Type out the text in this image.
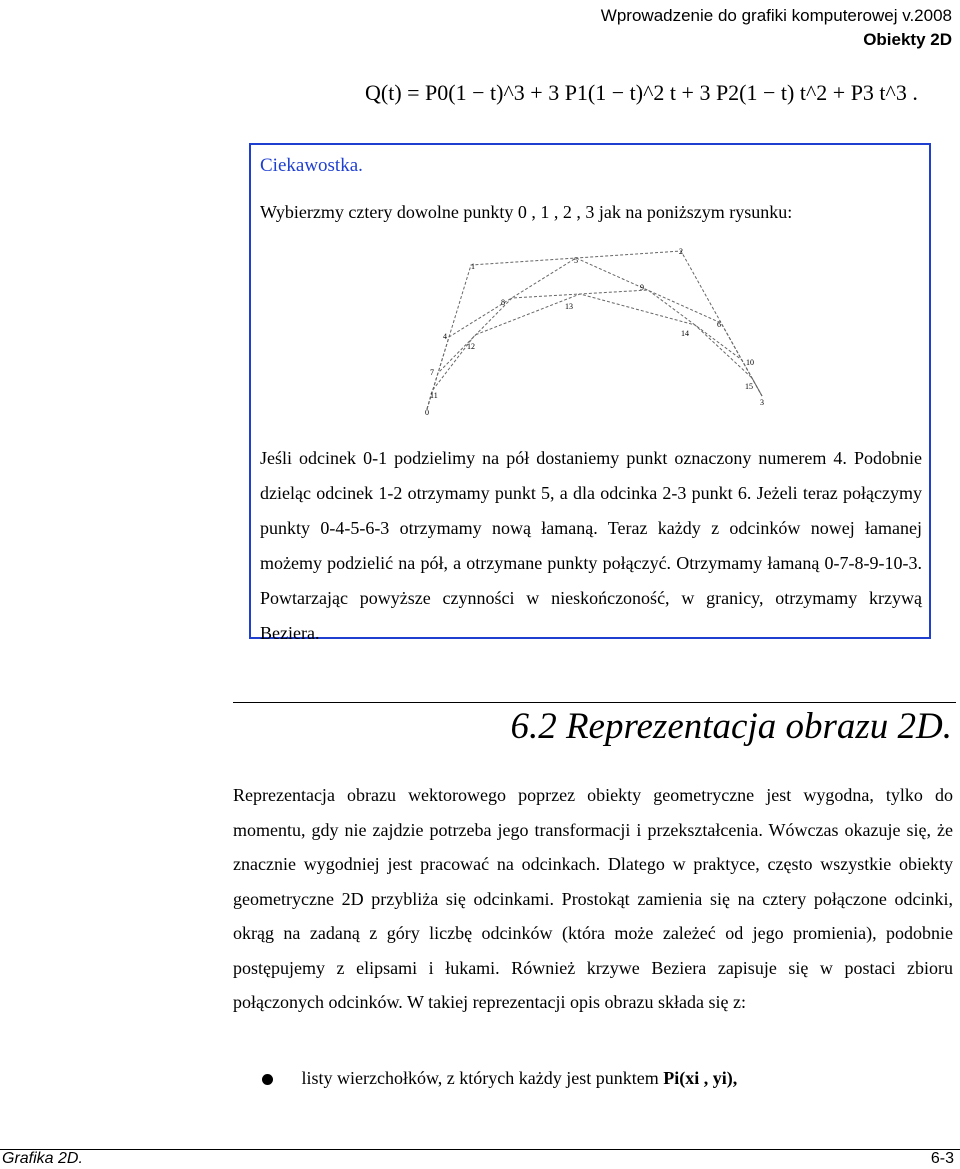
Wprowadzenie do grafiki komputerowej v.2008
Obiekty 2D
Q(t) = P0(1 − t)^3 + 3 P1(1 − t)^2 t + 3 P2(1 − t) t^2 + P3 t^3 .
Ciekawostka.
Wybierzmy cztery dowolne punkty 0 , 1 , 2 , 3 jak na poniższym rysunku:
0
1
2
3
4
5
6
7
8
9
10
11
12
13
14
15

Jeśli odcinek 0-1 podzielimy na pół dostaniemy punkt oznaczony numerem 4. Podobnie dzieląc odcinek 1-2 otrzymamy punkt 5, a dla odcinka 2-3 punkt 6. Jeżeli teraz połączymy punkty 0-4-5-6-3 otrzymamy nową łamaną. Teraz każdy z odcinków nowej łamanej możemy podzielić na pół, a otrzymane punkty połączyć. Otrzymamy łamaną 0-7-8-9-10-3. Powtarzając powyższe czynności w nieskończoność, w granicy, otrzymamy krzywą Beziera.

6.2 Reprezentacja obrazu 2D.

Reprezentacja obrazu wektorowego poprzez obiekty geometryczne jest wygodna, tylko do momentu, gdy nie zajdzie potrzeba jego transformacji i przekształcenia. Wówczas okazuje się, że znacznie wygodniej jest pracować na odcinkach. Dlatego w praktyce, często wszystkie obiekty geometryczne 2D przybliża się odcinkami. Prostokąt zamienia się na cztery połączone odcinki, okrąg na zadaną z góry liczbę odcinków (która może zależeć od jego promienia), podobnie postępujemy z elipsami i łukami. Również krzywe Beziera zapisuje się w postaci zbioru połączonych odcinków. W takiej reprezentacji opis obrazu składa się z:

listy wierzchołków, z których każdy jest punktem Pi(xi , yi),
Grafika 2D.	6-3
